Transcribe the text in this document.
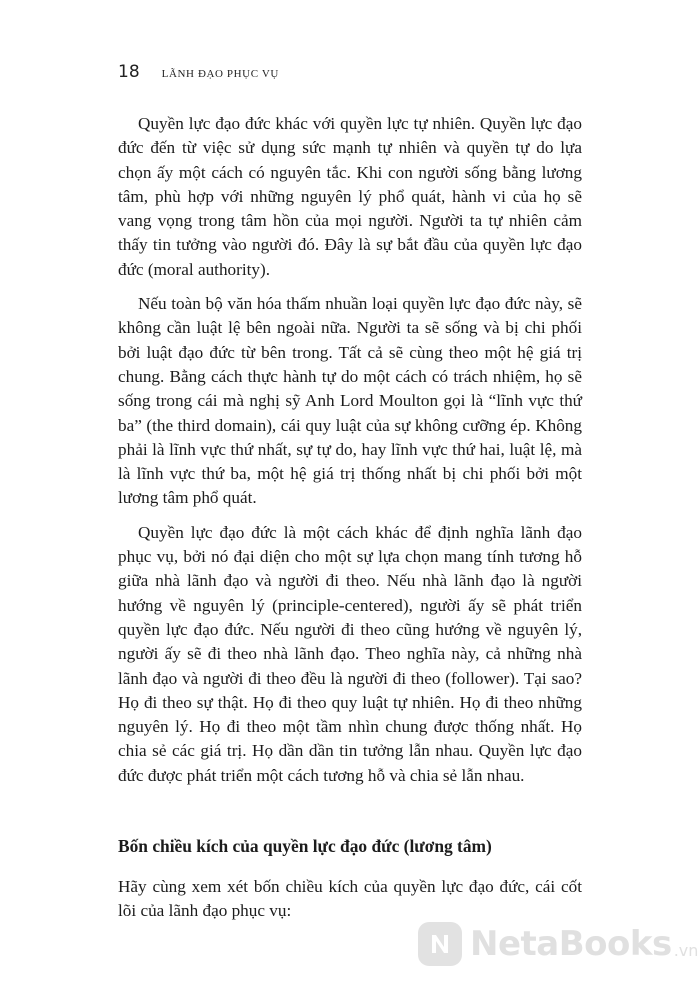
18 LÃNH ĐẠO PHỤC VỤ

Quyền lực đạo đức khác với quyền lực tự nhiên. Quyền lực đạo đức đến từ việc sử dụng sức mạnh tự nhiên và quyền tự do lựa chọn ấy một cách có nguyên tắc. Khi con người sống bằng lương tâm, phù hợp với những nguyên lý phổ quát, hành vi của họ sẽ vang vọng trong tâm hồn của mọi người. Người ta tự nhiên cảm thấy tin tưởng vào người đó. Đây là sự bắt đầu của quyền lực đạo đức (moral authority).

Nếu toàn bộ văn hóa thấm nhuần loại quyền lực đạo đức này, sẽ không cần luật lệ bên ngoài nữa. Người ta sẽ sống và bị chi phối bởi luật đạo đức từ bên trong. Tất cả sẽ cùng theo một hệ giá trị chung. Bằng cách thực hành tự do một cách có trách nhiệm, họ sẽ sống trong cái mà nghị sỹ Anh Lord Moulton gọi là “lĩnh vực thứ ba” (the third domain), cái quy luật của sự không cưỡng ép. Không phải là lĩnh vực thứ nhất, sự tự do, hay lĩnh vực thứ hai, luật lệ, mà là lĩnh vực thứ ba, một hệ giá trị thống nhất bị chi phối bởi một lương tâm phổ quát.

Quyền lực đạo đức là một cách khác để định nghĩa lãnh đạo phục vụ, bởi nó đại diện cho một sự lựa chọn mang tính tương hỗ giữa nhà lãnh đạo và người đi theo. Nếu nhà lãnh đạo là người hướng về nguyên lý (principle-centered), người ấy sẽ phát triển quyền lực đạo đức. Nếu người đi theo cũng hướng về nguyên lý, người ấy sẽ đi theo nhà lãnh đạo. Theo nghĩa này, cả những nhà lãnh đạo và người đi theo đều là người đi theo (follower). Tại sao? Họ đi theo sự thật. Họ đi theo quy luật tự nhiên. Họ đi theo những nguyên lý. Họ đi theo một tầm nhìn chung được thống nhất. Họ chia sẻ các giá trị. Họ dần dần tin tưởng lẫn nhau. Quyền lực đạo đức được phát triển một cách tương hỗ và chia sẻ lẫn nhau.

Bốn chiều kích của quyền lực đạo đức (lương tâm)

Hãy cùng xem xét bốn chiều kích của quyền lực đạo đức, cái cốt lõi của lãnh đạo phục vụ:

NetaBooks .vn
